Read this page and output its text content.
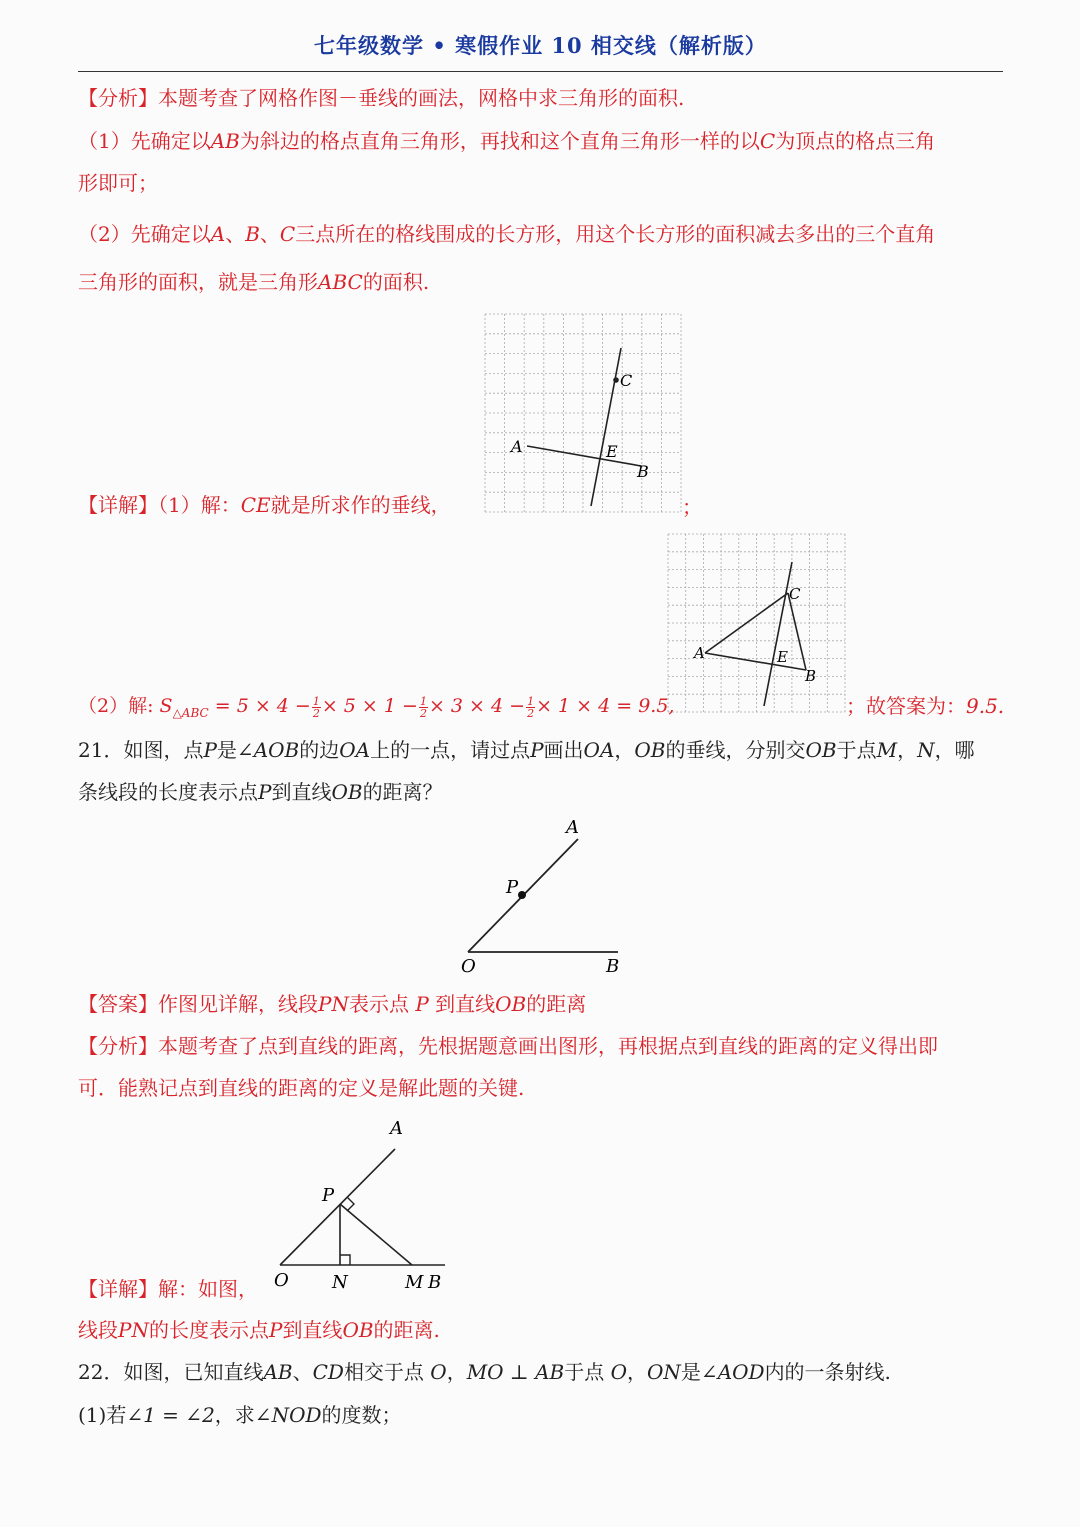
七年级数学 • 寒假作业 10 相交线（解析版）
【分析】本题考查了网格作图－垂线的画法，网格中求三角形的面积.
（1）先确定以AB为斜边的格点直角三角形，再找和这个直角三角形一样的以C为顶点的格点三角
形即可；
（2）先确定以A、B、C三点所在的格线围成的长方形，用这个长方形的面积减去多出的三个直角
三角形的面积，就是三角形ABC的面积.
A
B
C
E
【详解】（1）解：CE就是所求作的垂线，	；
A
B
C
E
（2）解: $S_{\triangle ABC} = 5 \times 4 - \frac{1}{2} \times 5 \times 1 - \frac{1}{2} \times 3 \times 4 - \frac{1}{2} \times 1 \times 4 = 9.5$,	；故答案为：9.5.
21．如图，点P是∠AOB的边OA上的一点，请过点P画出OA，OB的垂线，分别交OB于点M，N，哪
条线段的长度表示点P到直线OB的距离？
A
P
O	B
【答案】作图见详解，线段PN表示点 P 到直线OB的距离
【分析】本题考查了点到直线的距离，先根据题意画出图形，再根据点到直线的距离的定义得出即
可．能熟记点到直线的距离的定义是解此题的关键.
A
P
O N	M B
【详解】解：如图，
线段PN的长度表示点P到直线OB的距离.
22．如图，已知直线AB、CD相交于点 O，MO ⊥ AB于点 O，ON是∠AOD内的一条射线.
(1)若∠1 = ∠2，求∠NOD的度数；
